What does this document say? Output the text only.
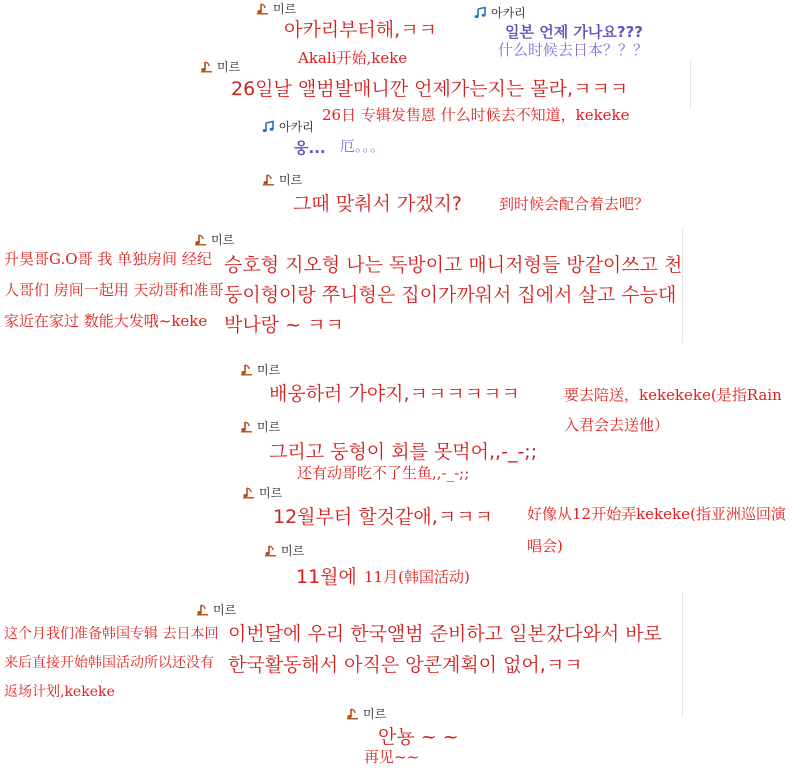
미르
아카리부터해,ㅋㅋ
Akali开始,keke
아카리
일본 언제 가나요???
什么时候去日本？？？
미르
26일날 앨범발매니깐 언제가는지는 몰라,ㅋㅋㅋ
26日 专辑发售恩 什么时候去不知道，kekeke
아카리
웅... 厄。。。
미르
그때 맞춰서 가겠지? 到时候会配合着去吧？
미르
승호형 지오형 나는 독방이고 매니저형들 방같이쓰고 천둥이형이랑 쭈니형은 집이가까워서 집에서 살고 수능대박나랑 ~ ㅋㅋ
升昊哥G.O哥 我 单独房间 经纪人哥们 房间一起用 天动哥和准哥家近在家过 数能大发哦~keke
미르
배웅하러 가야지,ㅋㅋㅋㅋㅋㅋ	要去陪送，kekekeke(是指Rain入君会去送他）
미르
그리고 둥형이 회를 못먹어,,-_-;;
还有动哥吃不了生鱼,,-_-;;
미르
12월부터 할것같애,ㅋㅋㅋ 好像从12开始弄kekeke(指亚洲巡回演唱会)
미르
11월에 11月(韩国活动)
미르
이번달에 우리 한국앨범 준비하고 일본갔다와서 바로 한국활동해서 아직은 앙콘계획이 없어,ㅋㅋ
这个月我们准备韩国专辑 去日本回来后直接开始韩国活动所以还没有返场计划,kekeke
미르
안뇽 ~ ~
再见~~
